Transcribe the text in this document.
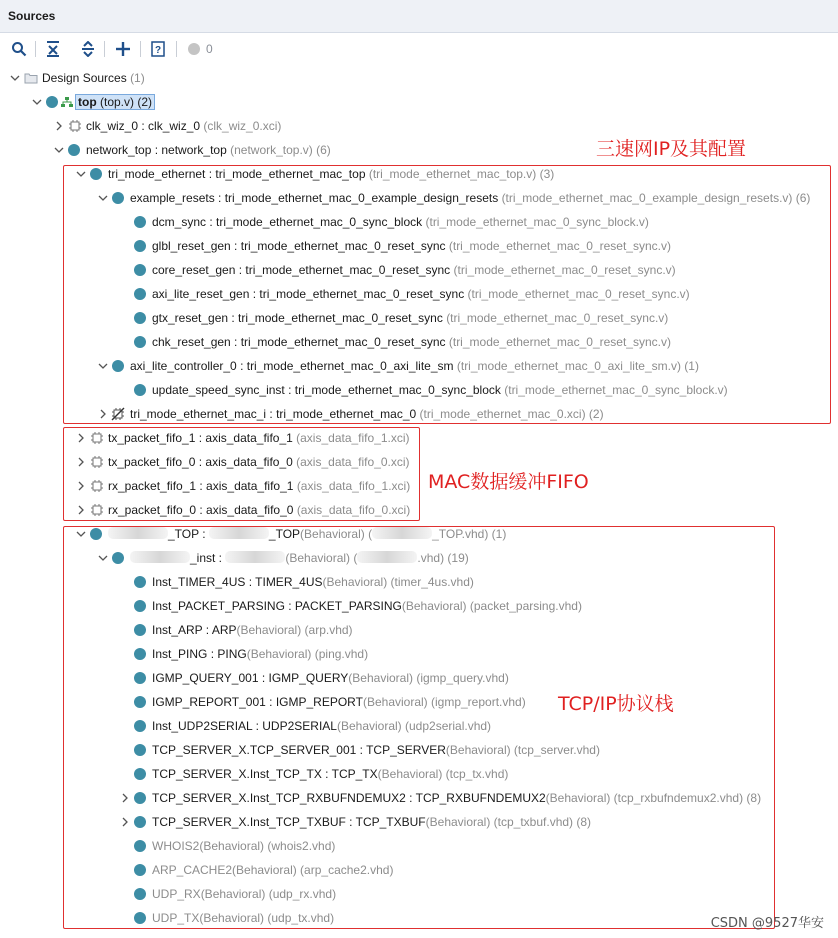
Sources
?	0
三速网IP及其配置
MAC数据缓冲FIFO
TCP/IP协议栈
Design Sources (1)
top (top.v) (2)
clk_wiz_0 : clk_wiz_0 (clk_wiz_0.xci)
network_top : network_top (network_top.v) (6)
tri_mode_ethernet : tri_mode_ethernet_mac_top (tri_mode_ethernet_mac_top.v) (3)
example_resets : tri_mode_ethernet_mac_0_example_design_resets (tri_mode_ethernet_mac_0_example_design_resets.v) (6)
dcm_sync : tri_mode_ethernet_mac_0_sync_block (tri_mode_ethernet_mac_0_sync_block.v)
glbl_reset_gen : tri_mode_ethernet_mac_0_reset_sync (tri_mode_ethernet_mac_0_reset_sync.v)
core_reset_gen : tri_mode_ethernet_mac_0_reset_sync (tri_mode_ethernet_mac_0_reset_sync.v)
axi_lite_reset_gen : tri_mode_ethernet_mac_0_reset_sync (tri_mode_ethernet_mac_0_reset_sync.v)
gtx_reset_gen : tri_mode_ethernet_mac_0_reset_sync (tri_mode_ethernet_mac_0_reset_sync.v)
chk_reset_gen : tri_mode_ethernet_mac_0_reset_sync (tri_mode_ethernet_mac_0_reset_sync.v)
axi_lite_controller_0 : tri_mode_ethernet_mac_0_axi_lite_sm (tri_mode_ethernet_mac_0_axi_lite_sm.v) (1)
update_speed_sync_inst : tri_mode_ethernet_mac_0_sync_block (tri_mode_ethernet_mac_0_sync_block.v)
tri_mode_ethernet_mac_i : tri_mode_ethernet_mac_0 (tri_mode_ethernet_mac_0.xci) (2)
tx_packet_fifo_1 : axis_data_fifo_1 (axis_data_fifo_1.xci)
tx_packet_fifo_0 : axis_data_fifo_0 (axis_data_fifo_0.xci)
rx_packet_fifo_1 : axis_data_fifo_1 (axis_data_fifo_1.xci)
rx_packet_fifo_0 : axis_data_fifo_0 (axis_data_fifo_0.xci)
_TOP :	_TOP(Behavioral) (	_TOP.vhd) (1)
_inst :	(Behavioral) (	.vhd) (19)
Inst_TIMER_4US : TIMER_4US(Behavioral) (timer_4us.vhd)
Inst_PACKET_PARSING : PACKET_PARSING(Behavioral) (packet_parsing.vhd)
Inst_ARP : ARP(Behavioral) (arp.vhd)
Inst_PING : PING(Behavioral) (ping.vhd)
IGMP_QUERY_001 : IGMP_QUERY(Behavioral) (igmp_query.vhd)
IGMP_REPORT_001 : IGMP_REPORT(Behavioral) (igmp_report.vhd)
Inst_UDP2SERIAL : UDP2SERIAL(Behavioral) (udp2serial.vhd)
TCP_SERVER_X.TCP_SERVER_001 : TCP_SERVER(Behavioral) (tcp_server.vhd)
TCP_SERVER_X.Inst_TCP_TX : TCP_TX(Behavioral) (tcp_tx.vhd)
TCP_SERVER_X.Inst_TCP_RXBUFNDEMUX2 : TCP_RXBUFNDEMUX2(Behavioral) (tcp_rxbufndemux2.vhd) (8)
TCP_SERVER_X.Inst_TCP_TXBUF : TCP_TXBUF(Behavioral) (tcp_txbuf.vhd) (8)
WHOIS2(Behavioral) (whois2.vhd)
ARP_CACHE2(Behavioral) (arp_cache2.vhd)
UDP_RX(Behavioral) (udp_rx.vhd)
UDP_TX(Behavioral) (udp_tx.vhd)	CSDN @9527华安
